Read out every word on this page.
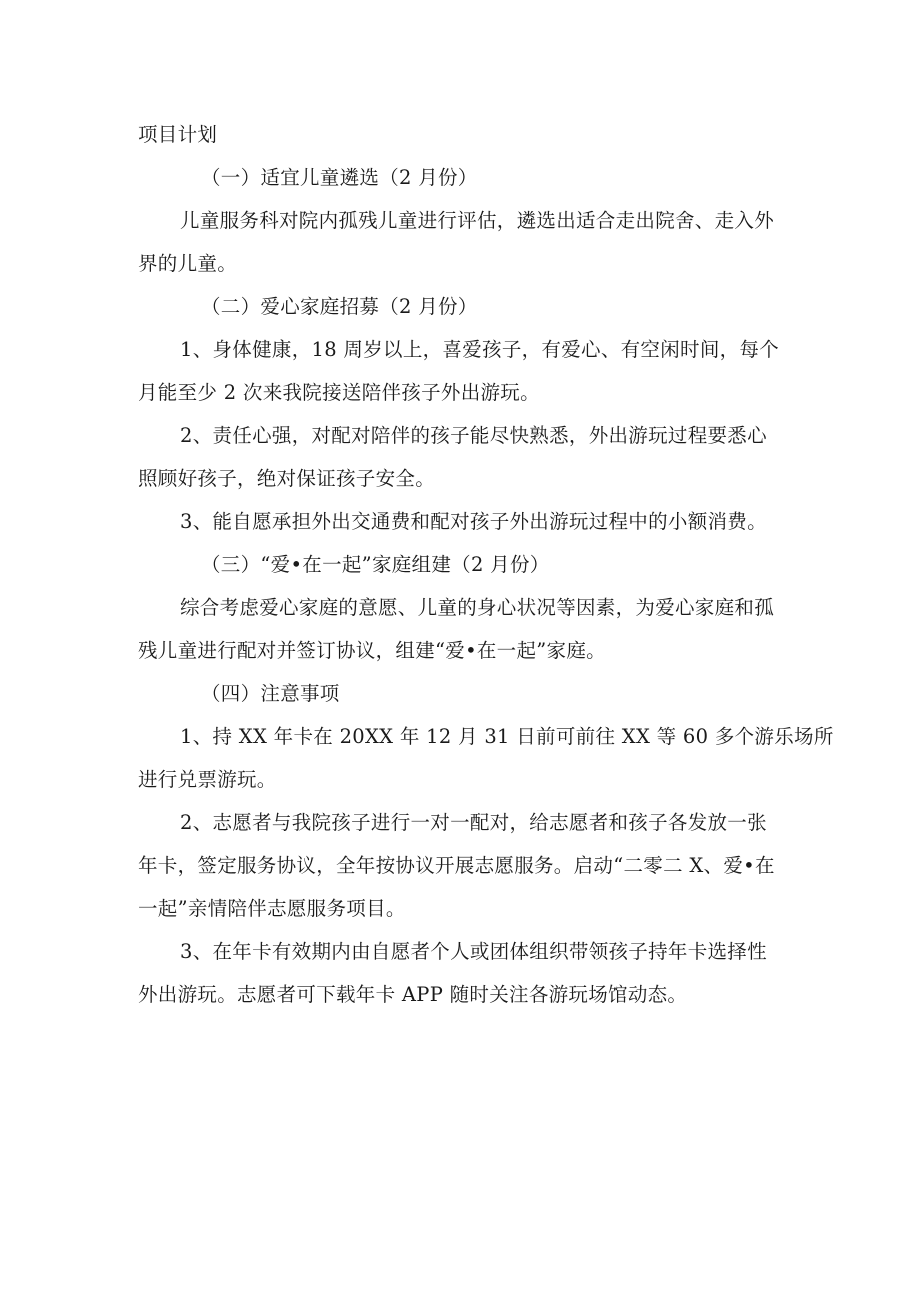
项目计划

（一）适宜儿童遴选（2 月份）

儿童服务科对院内孤残儿童进行评估，遴选出适合走出院舍、走入外
界的儿童。

（二）爱心家庭招募（2 月份）

1、身体健康，18 周岁以上，喜爱孩子，有爱心、有空闲时间，每个
月能至少 2 次来我院接送陪伴孩子外出游玩。

2、责任心强，对配对陪伴的孩子能尽快熟悉，外出游玩过程要悉心
照顾好孩子，绝对保证孩子安全。

3、能自愿承担外出交通费和配对孩子外出游玩过程中的小额消费。

（三）“爱•在一起”家庭组建（2 月份）

综合考虑爱心家庭的意愿、儿童的身心状况等因素，为爱心家庭和孤
残儿童进行配对并签订协议，组建“爱•在一起”家庭。

（四）注意事项

1、持 XX 年卡在 20XX 年 12 月 31 日前可前往 XX 等 60 多个游乐场所
进行兑票游玩。

2、志愿者与我院孩子进行一对一配对，给志愿者和孩子各发放一张
年卡，签定服务协议，全年按协议开展志愿服务。启动“二零二 X、爱•在
一起”亲情陪伴志愿服务项目。

3、在年卡有效期内由自愿者个人或团体组织带领孩子持年卡选择性
外出游玩。志愿者可下载年卡 APP 随时关注各游玩场馆动态。
